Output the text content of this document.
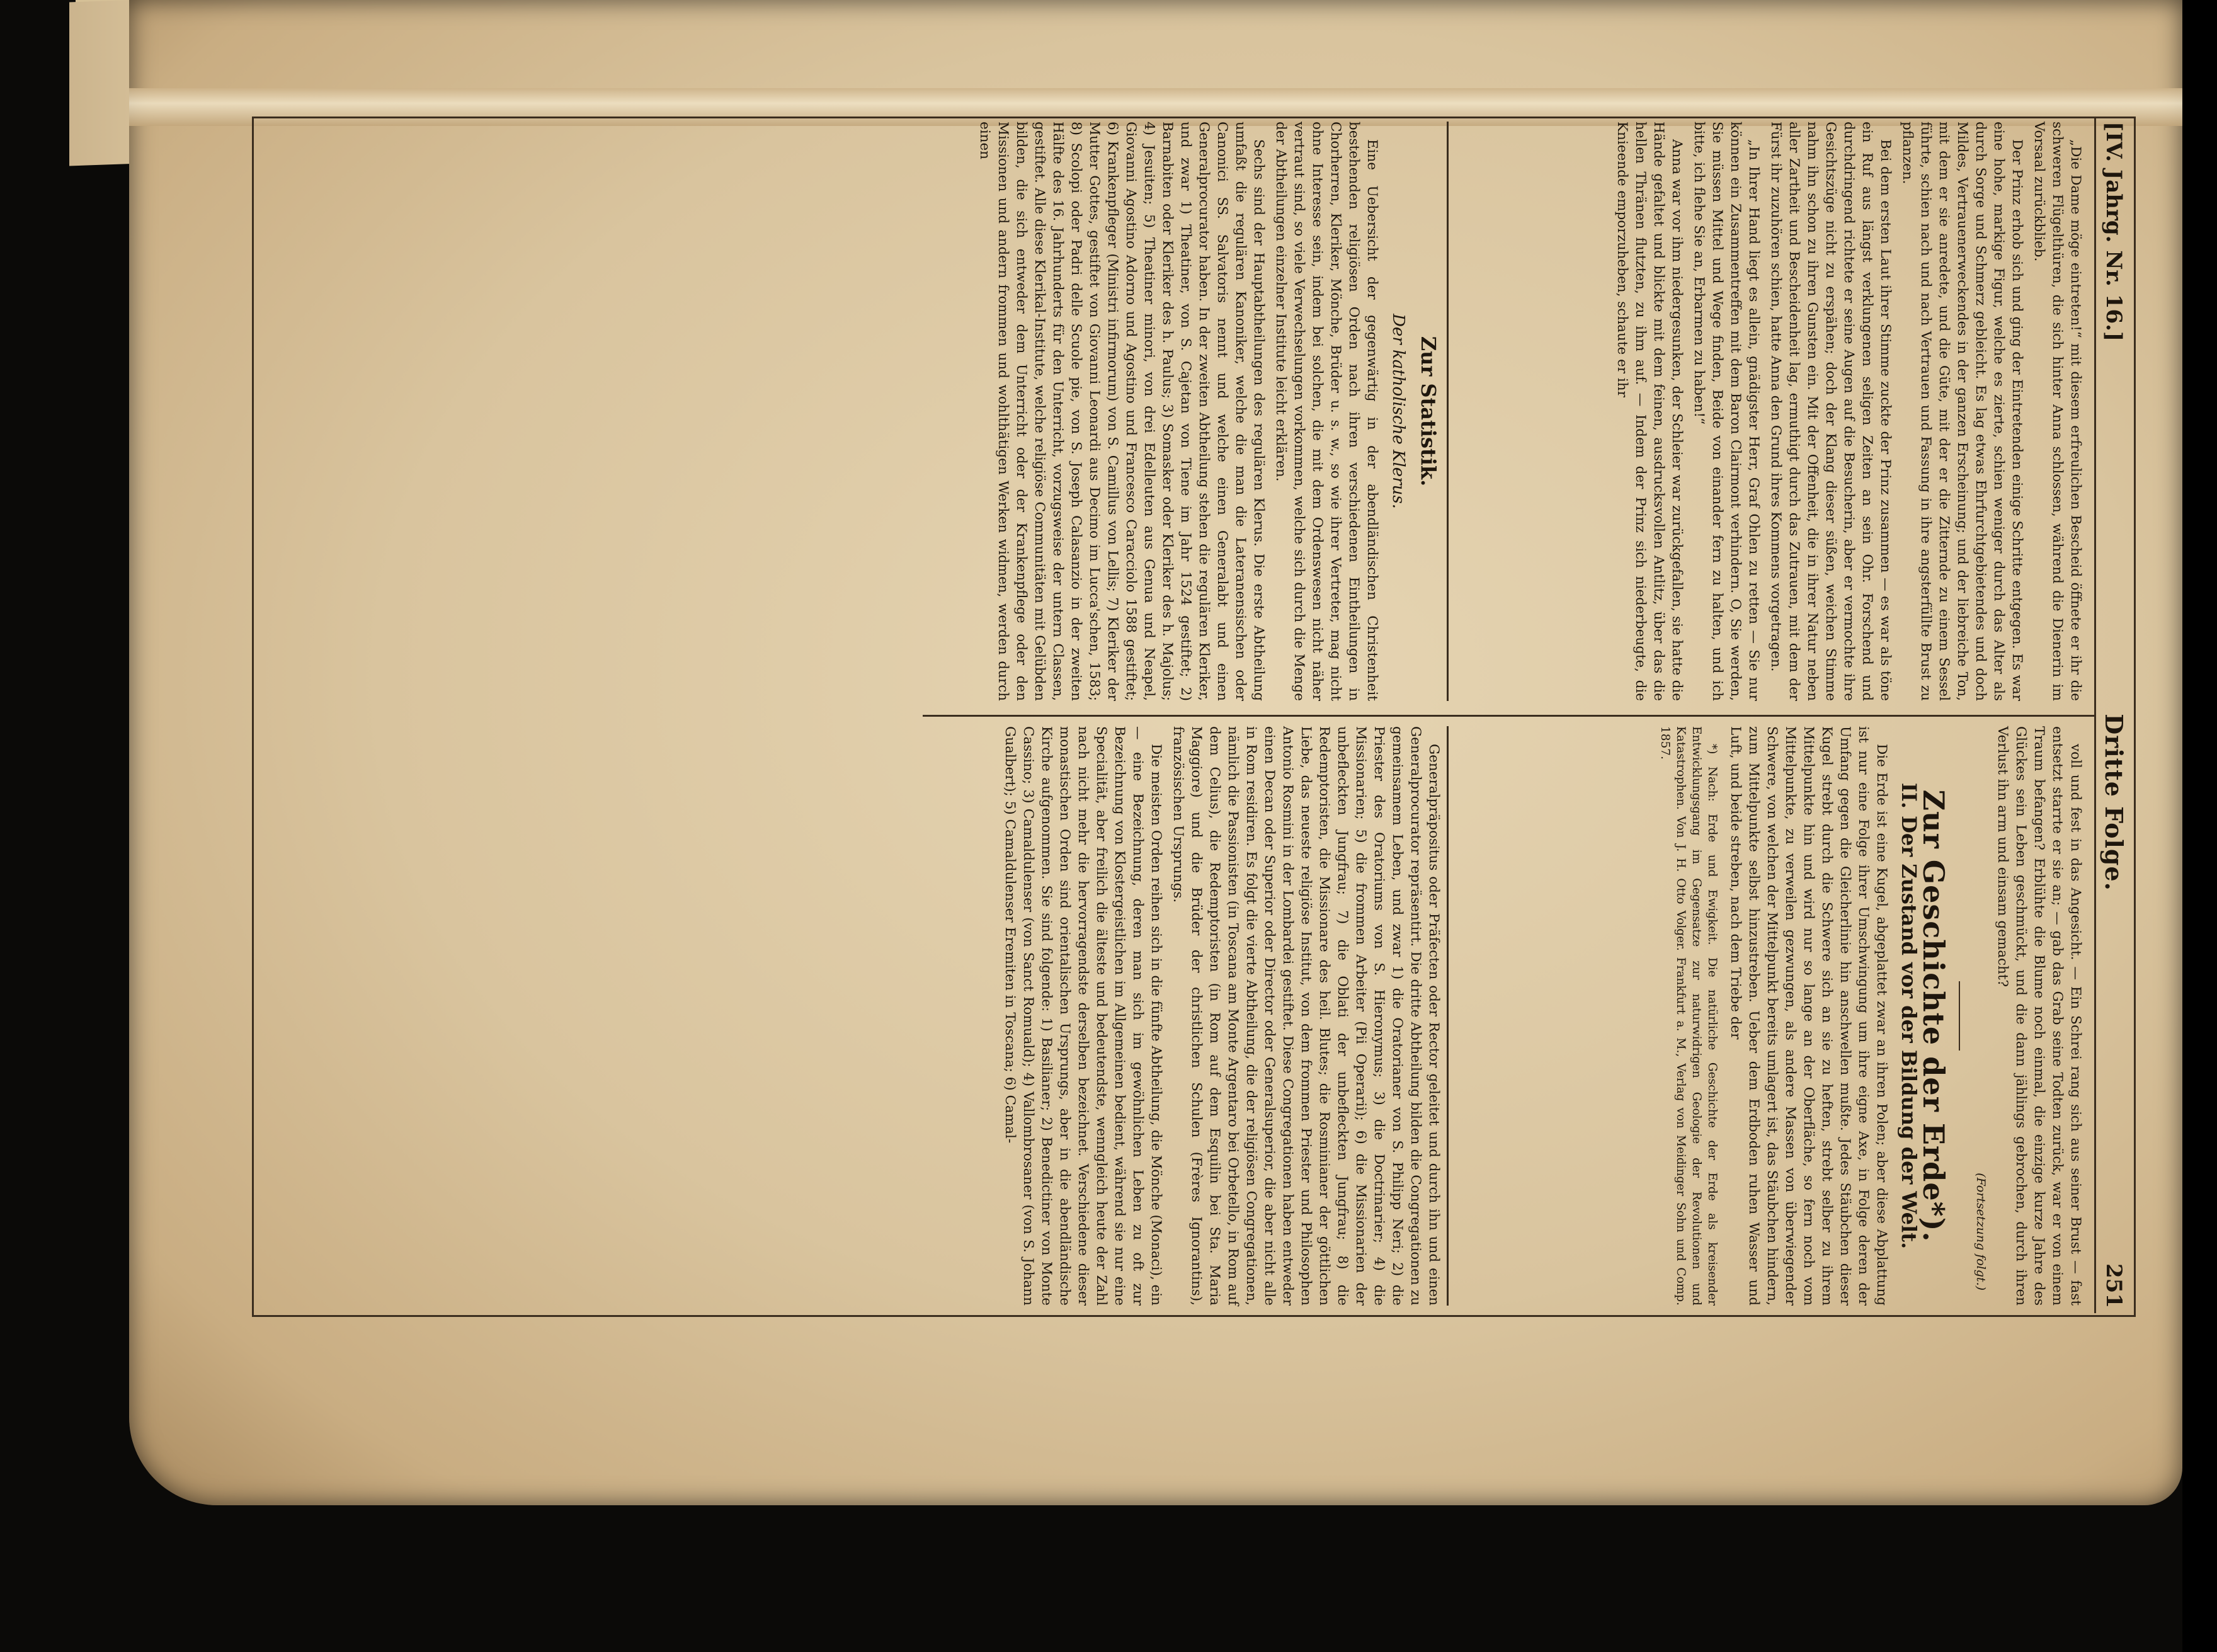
[IV. Jahrg. Nr. 16.]
Dritte Folge.
251

„Die Dame möge eintreten!“ mit diesem erfreulichen Bescheid öffnete er ihr die schweren Flügelthüren, die sich hinter Anna schlossen, während die Dienerin im Vorsaal zurückblieb.

Der Prinz erhob sich und ging der Eintretenden einige Schritte entgegen. Es war eine hohe, markige Figur, welche es zierte, schien weniger durch das Alter als durch Sorge und Schmerz gebleicht. Es lag etwas Ehrfurchtgebietendes und doch Mildes, Vertrauenerweckendes in der ganzen Erscheinung; und der liebreiche Ton, mit dem er sie anredete, und die Güte, mit der er die Zitternde zu einem Sessel führte, schien nach und nach Vertrauen und Fassung in ihre angsterfüllte Brust zu pflanzen.

Bei dem ersten Laut ihrer Stimme zuckte der Prinz zusammen — es war als töne ein Ruf aus längst verklungenen seligen Zeiten an sein Ohr. Forschend und durchdringend richtete er seine Augen auf die Besucherin, aber er vermochte ihre Gesichtszüge nicht zu erspähen; doch der Klang dieser süßen, weichen Stimme nahm ihn schon zu ihren Gunsten ein. Mit der Offenheit, die in ihrer Natur neben aller Zartheit und Bescheidenheit lag, ermuthigt durch das Zutrauen, mit dem der Fürst ihr zuzuhören schien, hatte Anna den Grund ihres Kommens vorgetragen.

„In Ihrer Hand liegt es allein, gnädigster Herr, Graf Ohlen zu retten — Sie nur können ein Zusammentreffen mit dem Baron Clairmont verhindern. O, Sie werden, Sie müssen Mittel und Wege finden, Beide von einander fern zu halten, und ich bitte, ich flehe Sie an, Erbarmen zu haben!“

Anna war vor ihm niedergesunken, der Schleier war zurückgefallen, sie hatte die Hände gefaltet und blickte mit dem feinen, ausdrucksvollen Antlitz, über das die hellen Thränen flutzten, zu ihm auf. — Indem der Prinz sich niederbeugte, die Knieende emporzuheben, schaute er ihr

Zur Statistik.
Der katholische Klerus.

Eine Uebersicht der gegenwärtig in der abendländischen Christenheit bestehenden religiösen Orden nach ihren verschiedenen Eintheilungen in Chorherren, Kleriker, Mönche, Brüder u. s. w., so wie ihrer Vertreter, mag nicht ohne Interesse sein, indem bei solchen, die mit dem Ordenswesen nicht näher vertraut sind, so viele Verwechselungen vorkommen, welche sich durch die Menge der Abtheilungen einzelner Institute leicht erklären.

Sechs sind der Hauptabtheilungen des regulären Klerus. Die erste Abtheilung umfaßt die regulären Kanoniker, welche die man die Lateranensischen oder Canonici SS. Salvatoris nennt und welche einen Generalabt und einen Generalprocurator haben. In der zweiten Abtheilung stehen die regulären Kleriker, und zwar 1) Theatiner, von S. Cajetan von Tiene im Jahr 1524 gestiftet; 2) Barnabiten oder Kleriker des h. Paulus; 3) Somasker oder Kleriker des h. Majolus; 4) Jesuiten; 5) Theatiner minori, von drei Edelleuten aus Genua und Neapel, Giovanni Agostino Adorno und Agostino und Francesco Caracciolo 1588 gestiftet; 6) Krankenpfleger (Ministri infirmorum) von S. Camillus von Lellis; 7) Kleriker der Mutter Gottes, gestiftet von Giovanni Leonardi aus Decimo im Lucca'schen, 1583; 8) Scolopi oder Padri delle Scuole pie, von S. Joseph Calasanzio in der zweiten Hälfte des 16. Jahrhunderts für den Unterricht, vorzugsweise der untern Classen, gestiftet. Alle diese Klerikal-Institute, welche religiöse Communitäten mit Gelübden bilden, die sich entweder dem Unterricht oder der Krankenpflege oder den Missionen und andern frommen und wohlthätigen Werken widmen, werden durch einen

voll und fest in das Angesicht. — Ein Schrei rang sich aus seiner Brust — fast entsetzt starrte er sie an; — gab das Grab seine Todten zurück, war er von einem Traum befangen? Erblühte die Blume noch einmal, die einzige kurze Jahre des Glückes sein Leben geschmückt, und die dann jählings gebrochen, durch ihren Verlust ihn arm und einsam gemacht?

(Fortsetzung folgt.)
Zur Geschichte der Erde*).
II. Der Zustand vor der Bildung der Welt.

Die Erde ist eine Kugel, abgeplattet zwar an ihren Polen; aber diese Abplattung ist nur eine Folge ihrer Umschwingung um ihre eigne Axe, in Folge deren der Umfang gegen die Gleicherlinie hin anschwellen mußte. Jedes Stäubchen dieser Kugel strebt durch die Schwere sich an sie zu heften, strebt selber zu ihrem Mittelpunkte hin und wird nur so lange an der Oberfläche, so fern noch vom Mittelpunkte, zu verweilen gezwungen, als andere Massen von überwiegender Schwere, von welchen der Mittelpunkt bereits umlagert ist, das Stäubchen hindern, zum Mittelpunkte selbst hinzustreben. Ueber dem Erdboden ruhen Wasser und Luft, und beide streben, nach dem Triebe der

*) Nach: Erde und Ewigkeit. Die natürliche Geschichte der Erde als kreisender Entwicklungsgang im Gegensatze zur naturwidrigen Geologie der Revolutionen und Katastrophen. Von J. H. Otto Volger. Frankfurt a. M., Verlag von Meidinger Sohn und Comp. 1857.

Generalpräpositus oder Präfecten oder Rector geleitet und durch ihn und einen Generalprocurator repräsentirt. Die dritte Abtheilung bilden die Congregationen zu gemeinsamem Leben, und zwar 1) die Oratorianer von S. Philipp Neri; 2) die Priester des Oratoriums von S. Hieronymus; 3) die Doctrinarier; 4) die Missionarien; 5) die frommen Arbeiter (Pii Operarii); 6) die Missionarien der unbefleckten Jungfrau; 7) die Oblati der unbefleckten Jungfrau; 8) die Redemptoristen, die Missionare des heil. Blutes; die Rosminianer der göttlichen Liebe, das neueste religiöse Institut, von dem frommen Priester und Philosophen Antonio Rosmini in der Lombardei gestiftet. Diese Congregationen haben entweder einen Decan oder Superior oder Director oder Generalsuperior, die aber nicht alle in Rom residiren. Es folgt die vierte Abtheilung, die der religiösen Congregationen, nämlich die Passionisten (in Toscana am Monte Argentaro bei Orbetello, in Rom auf dem Celius), die Redemptoristen (in Rom auf dem Esquilin bei Sta. Maria Maggiore) und die Brüder der christlichen Schulen (Frères Ignorantins), französischen Ursprungs.

Die meisten Orden reihen sich in die fünfte Abtheilung, die Mönche (Monaci), ein — eine Bezeichnung, deren man sich im gewöhnlichen Leben zu oft zur Bezeichnung von Klostergeistlichen im Allgemeinen bedient, während sie nur eine Specialität, aber freilich die älteste und bedeutendste, wenngleich heute der Zahl nach nicht mehr die hervorragendste derselben bezeichnet. Verschiedene dieser monastischen Orden sind orientalischen Ursprungs, aber in die abendländische Kirche aufgenommen. Sie sind folgende: 1) Basilianer; 2) Benedictiner von Monte Cassino; 3) Camaldulenser (von Sanct Romuald); 4) Vallombrosaner (von S. Johann Gualbert); 5) Camaldulenser Eremiten in Toscana; 6) Camal-
